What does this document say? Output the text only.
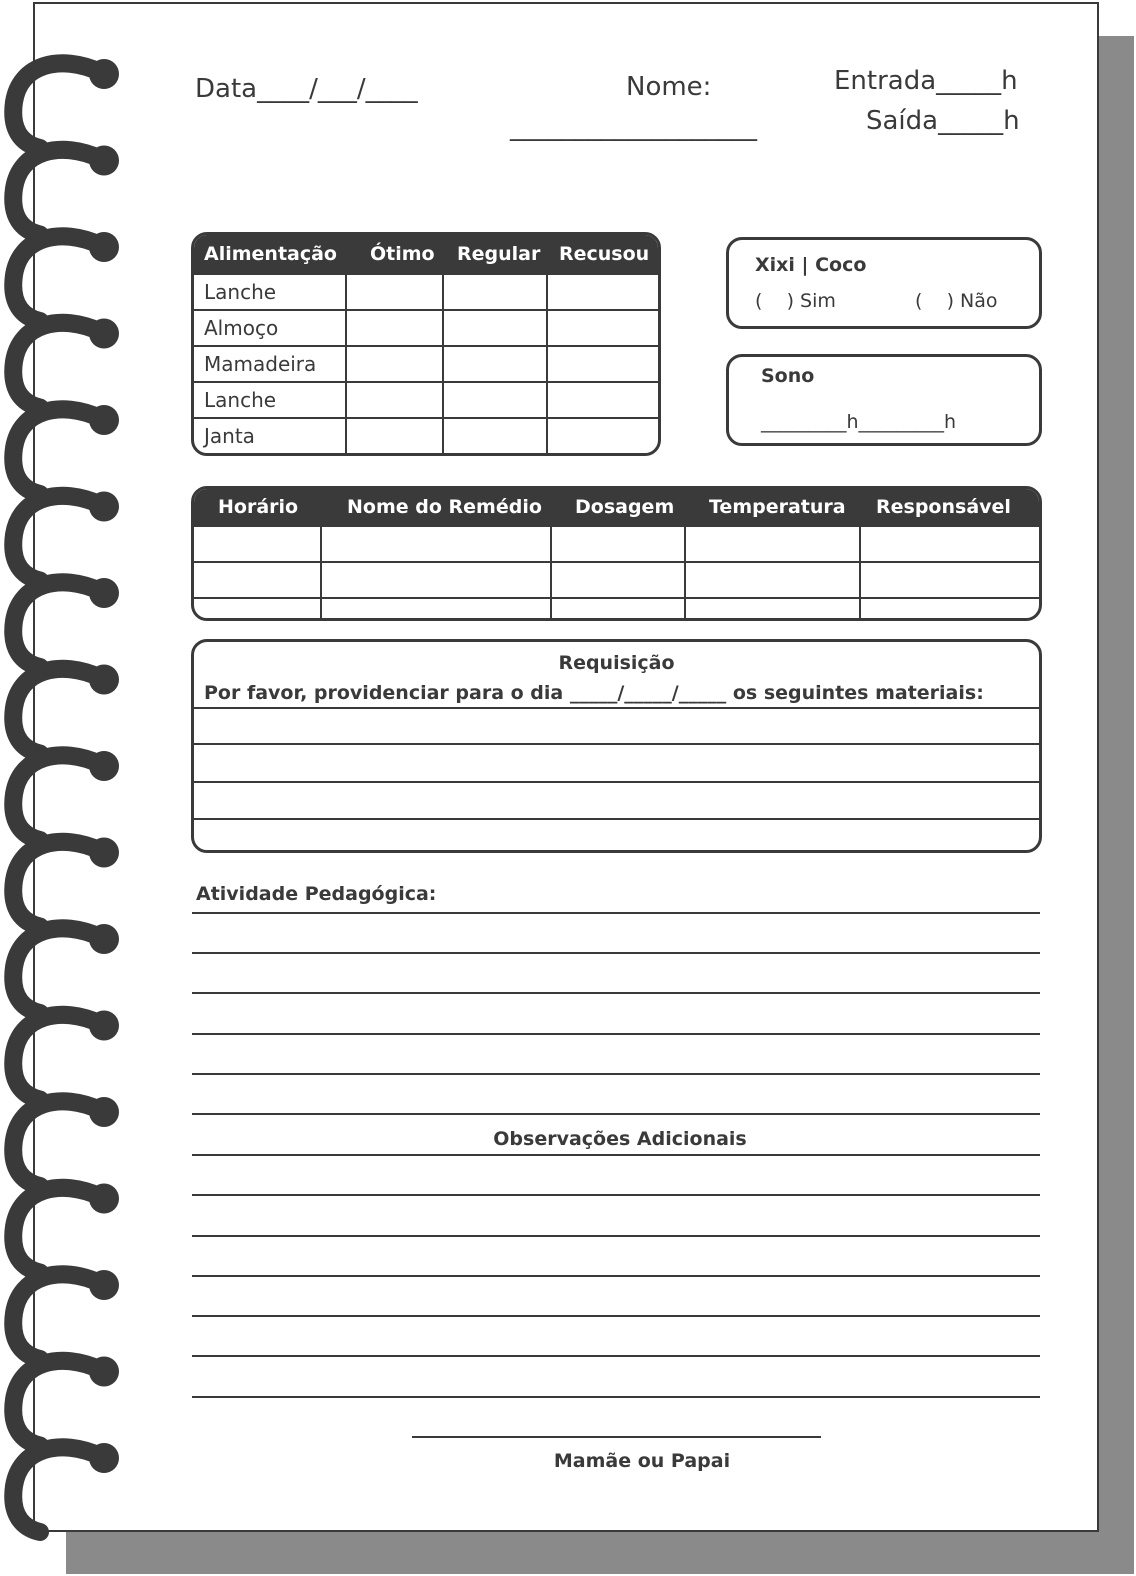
Data____/___/____	Nome:
___________________
Entrada_____h
Saída_____h
Alimentação	Ótimo	Regular	Recusou
Lanche			
Almoço			
Mamadeira			
Lanche			
Janta			
Xixi | Coco
(    ) Sim	(    ) Não
Sono
_________h_________h
Horário	Nome do Remédio	Dosagem	Temperatura	Responsável

Requisição
Por favor, providenciar para o dia _____/_____/_____ os seguintes materiais:
Atividade Pedagógica:
Observações Adicionais
Mamãe ou Papai
